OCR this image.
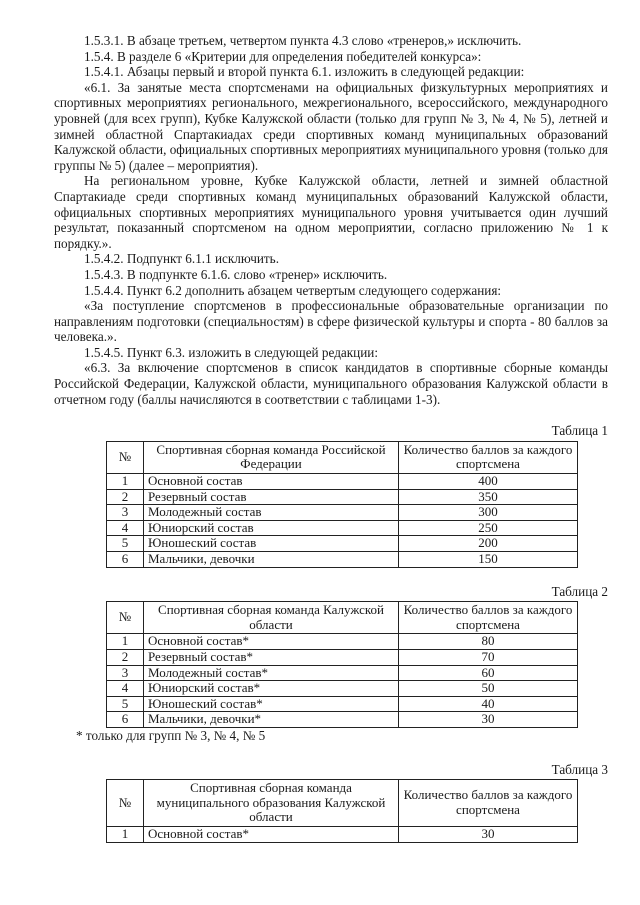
1.5.3.1. В абзаце третьем, четвертом пункта 4.3 слово «тренеров,» исключить.

1.5.4. В разделе 6 «Критерии для определения победителей конкурса»:

1.5.4.1. Абзацы первый и второй пункта 6.1. изложить в следующей редакции:

«6.1. За занятые места спортсменами на официальных физкультурных мероприятиях и спортивных мероприятиях регионального, межрегионального, всероссийского, международного уровней (для всех групп), Кубке Калужской области (только для групп № 3, № 4, № 5), летней и зимней областной Спартакиадах среди спортивных команд муниципальных образований Калужской области, официальных спортивных мероприятиях муниципального уровня (только для группы № 5) (далее – мероприятия).

На региональном уровне, Кубке Калужской области, летней и зимней областной Спартакиаде среди спортивных команд муниципальных образований Калужской области, официальных спортивных мероприятиях муниципального уровня учитывается один лучший результат, показанный спортсменом на одном мероприятии, согласно приложению № 1 к порядку.».

1.5.4.2. Подпункт 6.1.1 исключить.

1.5.4.3. В подпункте 6.1.6. слово «тренер» исключить.

1.5.4.4. Пункт 6.2 дополнить абзацем четвертым следующего содержания:

«За поступление спортсменов в профессиональные образовательные организации по направлениям подготовки (специальностям) в сфере физической культуры и спорта - 80 баллов за человека.».

1.5.4.5. Пункт 6.3. изложить в следующей редакции:

«6.3. За включение спортсменов в список кандидатов в спортивные сборные команды Российской Федерации, Калужской области, муниципального образования Калужской области в отчетном году (баллы начисляются в соответствии с таблицами 1-3).

Таблица 1

№	Спортивная сборная команда Российской Федерации	Количество баллов за каждого спортсмена
1	Основной состав	400
2	Резервный состав	350
3	Молодежный состав	300
4	Юниорский состав	250
5	Юношеский состав	200
6	Мальчики, девочки	150

Таблица 2

№	Спортивная сборная команда Калужской области	Количество баллов за каждого спортсмена
1	Основной состав*	80
2	Резервный состав*	70
3	Молодежный состав*	60
4	Юниорский состав*	50
5	Юношеский состав*	40
6	Мальчики, девочки*	30

* только для групп № 3, № 4, № 5

Таблица 3

№	Спортивная сборная команда муниципального образования Калужской области	Количество баллов за каждого спортсмена
1	Основной состав*	30
